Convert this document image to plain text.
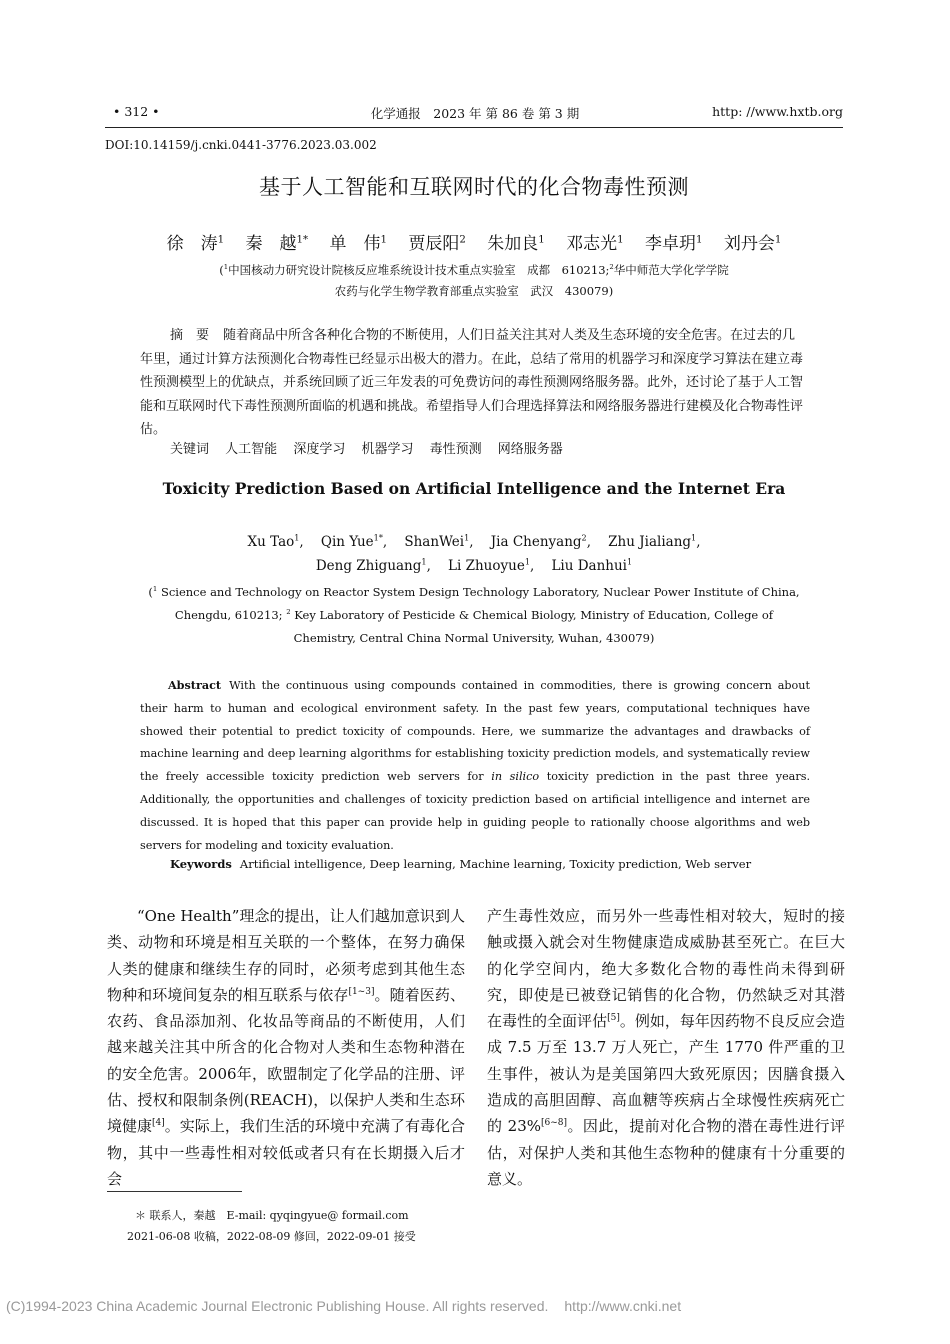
• 312 •	化学通报　2023 年 第 86 卷 第 3 期	http: //www.hxtb.org
DOI:10.14159/j.cnki.0441-3776.2023.03.002
基于人工智能和互联网时代的化合物毒性预测
徐　涛$^1$ 秦　越$^{1*}$ 单　伟$^1$ 贾辰阳$^2$ 朱加良$^1$ 邓志光$^1$ 李卓玥$^1$ 刘丹会$^1$
($^1$中国核动力研究设计院核反应堆系统设计技术重点实验室　成都　610213;$^2$华中师范大学化学学院
农药与化学生物学教育部重点实验室　武汉　430079)
摘　要 随着商品中所含各种化合物的不断使用，人们日益关注其对人类及生态环境的安全危害。在过去的几年里，通过计算方法预测化合物毒性已经显示出极大的潜力。在此，总结了常用的机器学习和深度学习算法在建立毒性预测模型上的优缺点，并系统回顾了近三年发表的可免费访问的毒性预测网络服务器。此外，还讨论了基于人工智能和互联网时代下毒性预测所面临的机遇和挑战。希望指导人们合理选择算法和网络服务器进行建模及化合物毒性评估。
关键词 人工智能 深度学习 机器学习 毒性预测 网络服务器
Toxicity Prediction Based on Artificial Intelligence and the Internet Era
Xu Tao$^1$, Qin Yue$^{1*}$, ShanWei$^1$, Jia Chenyang$^2$, Zhu Jialiang$^1$,
Deng Zhiguang$^1$, Li Zhuoyue$^1$, Liu Danhui$^1$
($^1$ Science and Technology on Reactor System Design Technology Laboratory, Nuclear Power Institute of China,
Chengdu, 610213; $^2$ Key Laboratory of Pesticide & Chemical Biology, Ministry of Education, College of
Chemistry, Central China Normal University, Wuhan, 430079)
Abstract With the continuous using compounds contained in commodities, there is growing concern about their harm to human and ecological environment safety. In the past few years, computational techniques have showed their potential to predict toxicity of compounds. Here, we summarize the advantages and drawbacks of machine learning and deep learning algorithms for establishing toxicity prediction models, and systematically review the freely accessible toxicity prediction web servers for in silico toxicity prediction in the past three years. Additionally, the opportunities and challenges of toxicity prediction based on artificial intelligence and internet are discussed. It is hoped that this paper can provide help in guiding people to rationally choose algorithms and web servers for modeling and toxicity evaluation.
Keywords Artificial intelligence, Deep learning, Machine learning, Toxicity prediction, Web server
“One Health”理念的提出，让人们越加意识到人类、动物和环境是相互关联的一个整体，在努力确保人类的健康和继续生存的同时，必须考虑到其他生态物种和环境间复杂的相互联系与依存[1~3]。随着医药、农药、食品添加剂、化妆品等商品的不断使用，人们越来越关注其中所含的化合物对人类和生态物种潜在的安全危害。2006年，欧盟制定了化学品的注册、评估、授权和限制条例(REACH)，以保护人类和生态环境健康[4]。实际上，我们生活的环境中充满了有毒化合物，其中一些毒性相对较低或者只有在长期摄入后才会
产生毒性效应，而另外一些毒性相对较大，短时的接触或摄入就会对生物健康造成威胁甚至死亡。在巨大的化学空间内，绝大多数化合物的毒性尚未得到研究，即使是已被登记销售的化合物，仍然缺乏对其潜在毒性的全面评估[5]。例如，每年因药物不良反应会造成 7.5 万至 13.7 万人死亡，产生 1770 件严重的卫生事件，被认为是美国第四大致死原因；因膳食摄入造成的高胆固醇、高血糖等疾病占全球慢性疾病死亡的 23%[6~8]。因此，提前对化合物的潜在毒性进行评估，对保护人类和其他生态物种的健康有十分重要的意义。
＊ 联系人，秦越　E-mail: qyqingyue@ formail.com
2021-06-08 收稿，2022-08-09 修回，2022-09-01 接受
(C)1994-2023 China Academic Journal Electronic Publishing House. All rights reserved. http://www.cnki.net
